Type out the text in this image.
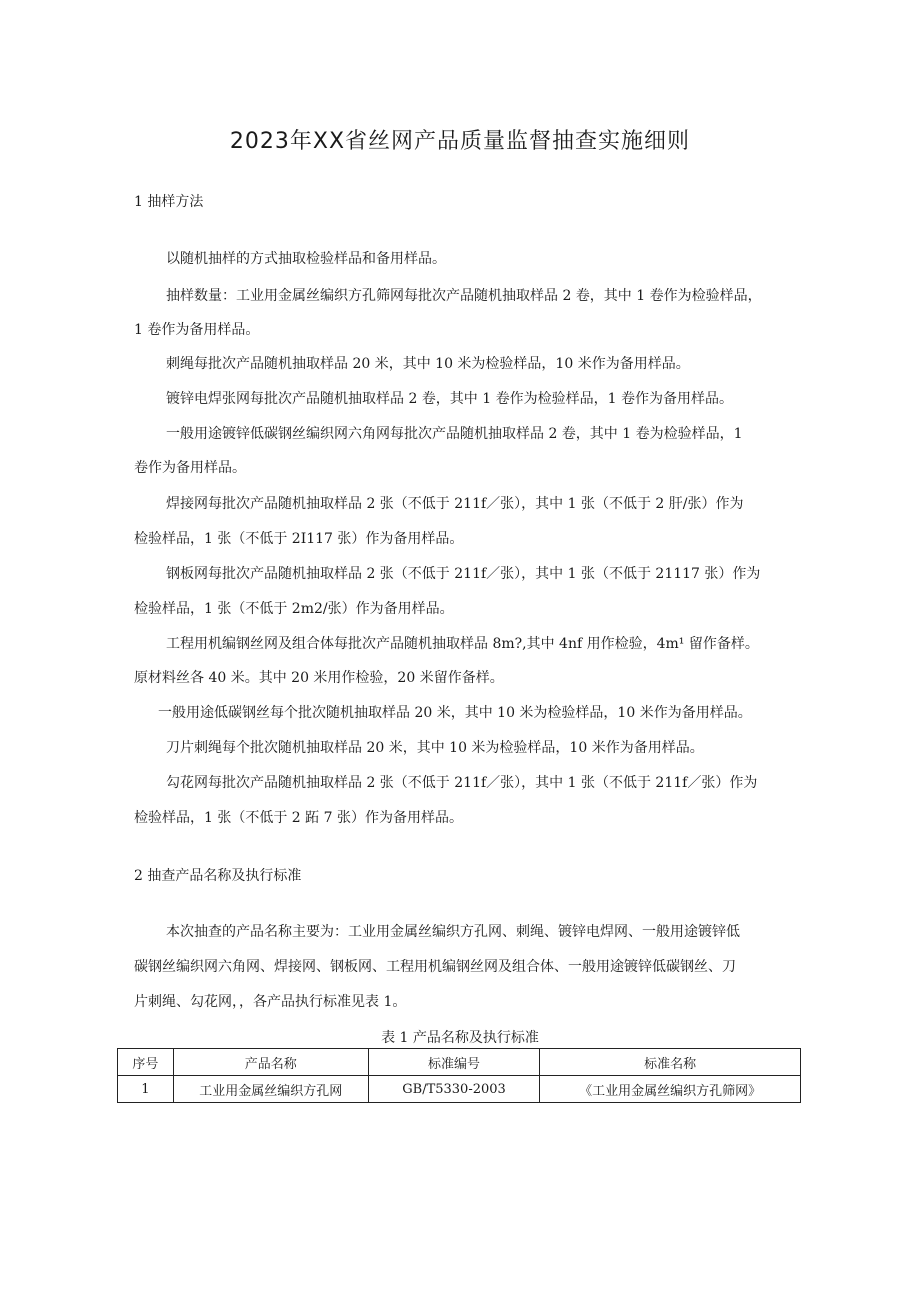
2023年XX省丝网产品质量监督抽查实施细则
1 抽样方法

以随机抽样的方式抽取检验样品和备用样品。

抽样数量：工业用金属丝编织方孔筛网每批次产品随机抽取样品 2 卷，其中 1 卷作为检验样品，

1 卷作为备用样品。

刺绳每批次产品随机抽取样品 20 米，其中 10 米为检验样品，10 米作为备用样品。

镀锌电焊张网每批次产品随机抽取样品 2 卷，其中 1 卷作为检验样品，1 卷作为备用样品。

一般用途镀锌低碳钢丝编织网六角网每批次产品随机抽取样品 2 卷，其中 1 卷为检验样品，1

卷作为备用样品。

焊接网每批次产品随机抽取样品 2 张（不低于 211f／张），其中 1 张（不低于 2 肝/张）作为

检验样品，1 张（不低于 2I117 张）作为备用样品。

钢板网每批次产品随机抽取样品 2 张（不低于 211f／张），其中 1 张（不低于 21117 张）作为

检验样品，1 张（不低于 2m2/张）作为备用样品。

工程用机编钢丝网及组合体每批次产品随机抽取样品 8m?,其中 4nf 用作检验，4m¹ 留作备样。

原材料丝各 40 米。其中 20 米用作检验，20 米留作备样。

一般用途低碳钢丝每个批次随机抽取样品 20 米，其中 10 米为检验样品，10 米作为备用样品。

刀片刺绳每个批次随机抽取样品 20 米，其中 10 米为检验样品，10 米作为备用样品。

勾花网每批次产品随机抽取样品 2 张（不低于 211f／张），其中 1 张（不低于 211f／张）作为

检验样品，1 张（不低于 2 跖 7 张）作为备用样品。

2 抽查产品名称及执行标准

本次抽查的产品名称主要为：工业用金属丝编织方孔网、刺绳、镀锌电焊网、一般用途镀锌低

碳钢丝编织网六角网、焊接网、钢板网、工程用机编钢丝网及组合体、一般用途镀锌低碳钢丝、刀

片刺绳、勾花网，，各产品执行标准见表 1。

表 1 产品名称及执行标准
序号	产品名称	标准编号	标准名称
1	工业用金属丝编织方孔网	GB/T5330-2003	《工业用金属丝编织方孔筛网》
